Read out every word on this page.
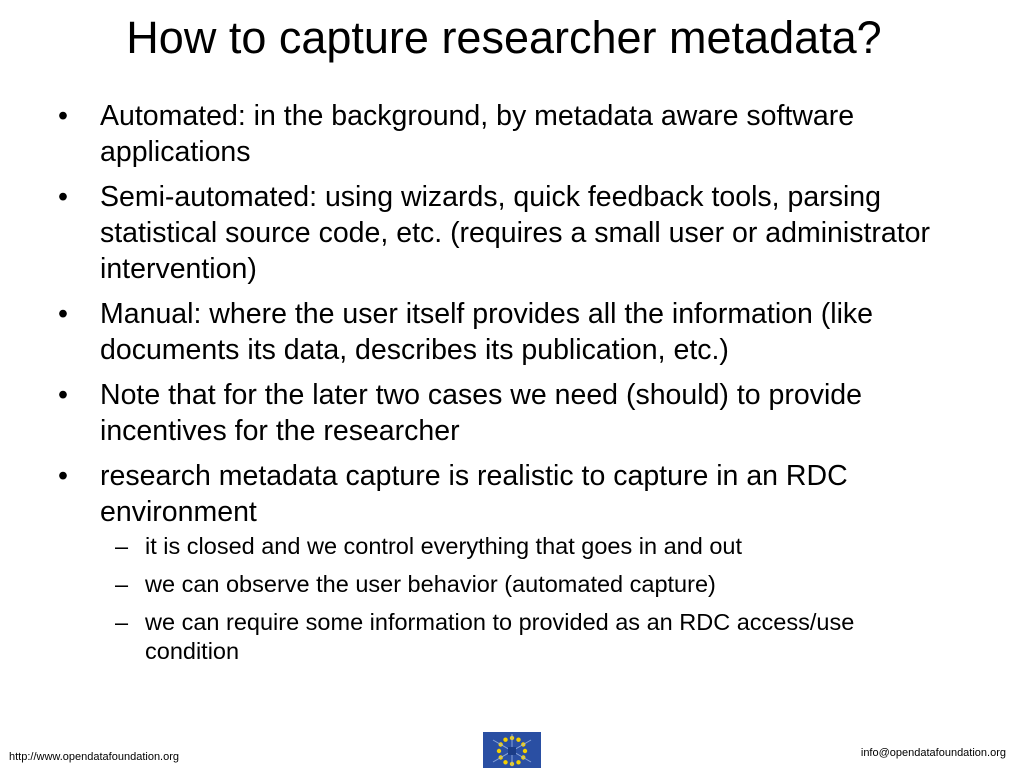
How to capture researcher metadata?
•	Automated: in the background, by metadata aware software applications
•	Semi-automated: using wizards, quick feedback tools, parsing statistical source code, etc. (requires a small user or administrator intervention)
•	Manual: where the user itself provides all the information (like documents its data, describes its publication, etc.)
•	Note that for the later two cases we need (should) to provide incentives for the researcher
•	research metadata capture is realistic to capture in an RDC environment
– it is closed and we control everything that goes in and out
– we can observe the user behavior (automated capture)
– we can require some information to provided as an RDC access/use condition
http://www.opendatafoundation.org	info@opendatafoundation.org
